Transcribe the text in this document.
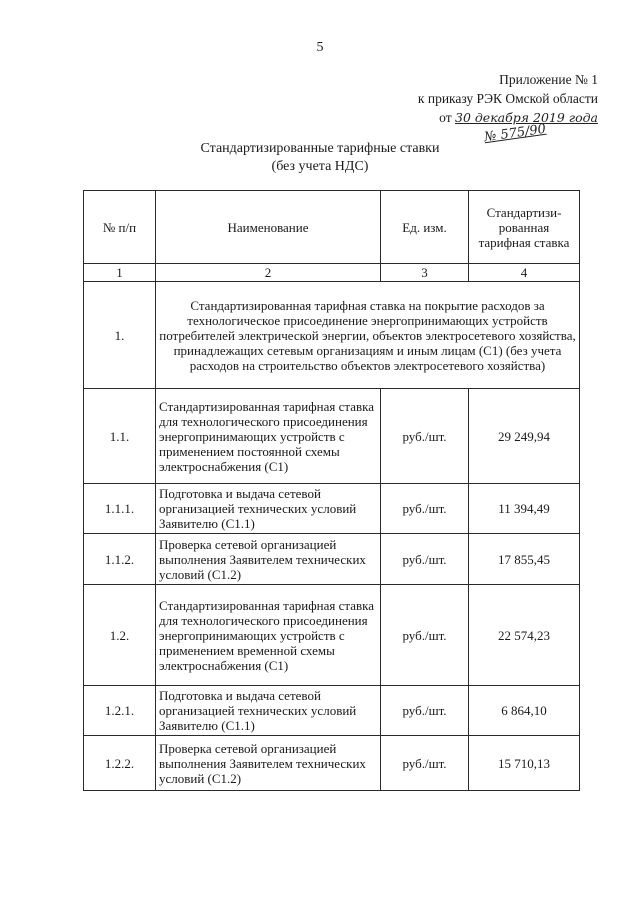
5
Приложение № 1
к приказу РЭК Омской области
от 30 декабря 2019 года
№ 575/90
Стандартизированные тарифные ставки
(без учета НДС)
№ п/п	Наименование	Ед. изм.	Стандартизи-рованная тарифная ставка
1	2	3	4
1.	Стандартизированная тарифная ставка на покрытие расходов за технологическое присоединение энергопринимающих устройств потребителей электрической энергии, объектов электросетевого хозяйства, принадлежащих сетевым организациям и иным лицам (С1) (без учета расходов на строительство объектов электросетевого хозяйства)		
1.1.	Стандартизированная тарифная ставка для технологического присоединения энергопринимающих устройств с применением постоянной схемы электроснабжения (С1)	руб./шт.	29 249,94
1.1.1.	Подготовка и выдача сетевой организацией технических условий Заявителю (С1.1)	руб./шт.	11 394,49
1.1.2.	Проверка сетевой организацией выполнения Заявителем технических условий (С1.2)	руб./шт.	17 855,45
1.2.	Стандартизированная тарифная ставка для технологического присоединения энергопринимающих устройств с применением временной схемы электроснабжения (С1)	руб./шт.	22 574,23
1.2.1.	Подготовка и выдача сетевой организацией технических условий Заявителю (С1.1)	руб./шт.	6 864,10
1.2.2.	Проверка сетевой организацией выполнения Заявителем технических условий (С1.2)	руб./шт.	15 710,13
